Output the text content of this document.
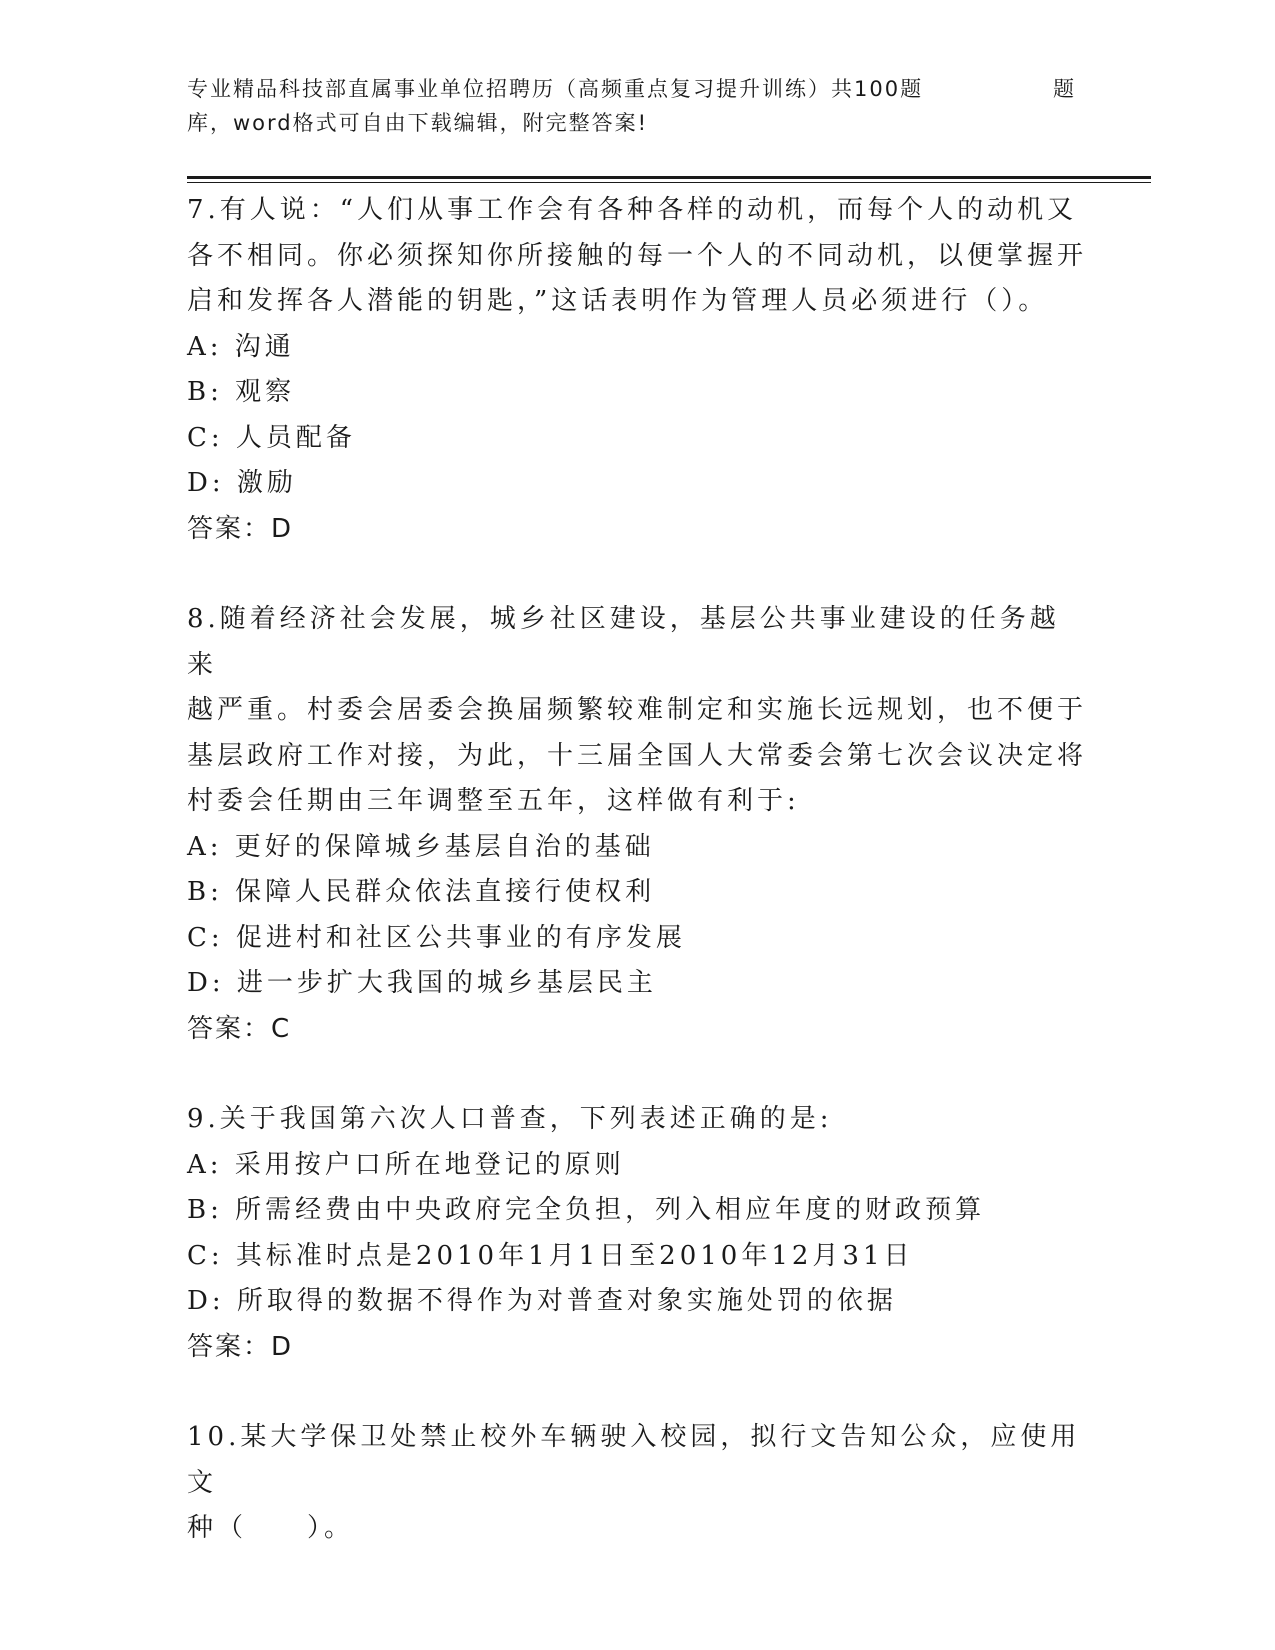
专业精品科技部直属事业单位招聘历（高频重点复习提升训练）共100题	题
库，word格式可自由下载编辑，附完整答案!
7.有人说：“人们从事工作会有各种各样的动机，而每个人的动机又
各不相同。你必须探知你所接触的每一个人的不同动机，以便掌握开
启和发挥各人潜能的钥匙，”这话表明作为管理人员必须进行（）。
A: 沟通
B: 观察
C: 人员配备
D: 激励
答案：D
8.随着经济社会发展，城乡社区建设，基层公共事业建设的任务越来
越严重。村委会居委会换届频繁较难制定和实施长远规划，也不便于
基层政府工作对接，为此，十三届全国人大常委会第七次会议决定将
村委会任期由三年调整至五年，这样做有利于:
A: 更好的保障城乡基层自治的基础
B: 保障人民群众依法直接行使权利
C: 促进村和社区公共事业的有序发展
D: 进一步扩大我国的城乡基层民主
答案：C
9.关于我国第六次人口普查，下列表述正确的是:
A: 采用按户口所在地登记的原则
B: 所需经费由中央政府完全负担，列入相应年度的财政预算
C: 其标准时点是2010年1月1日至2010年12月31日
D: 所取得的数据不得作为对普查对象实施处罚的依据
答案：D
10.某大学保卫处禁止校外车辆驶入校园，拟行文告知公众，应使用文
种（　　）。
